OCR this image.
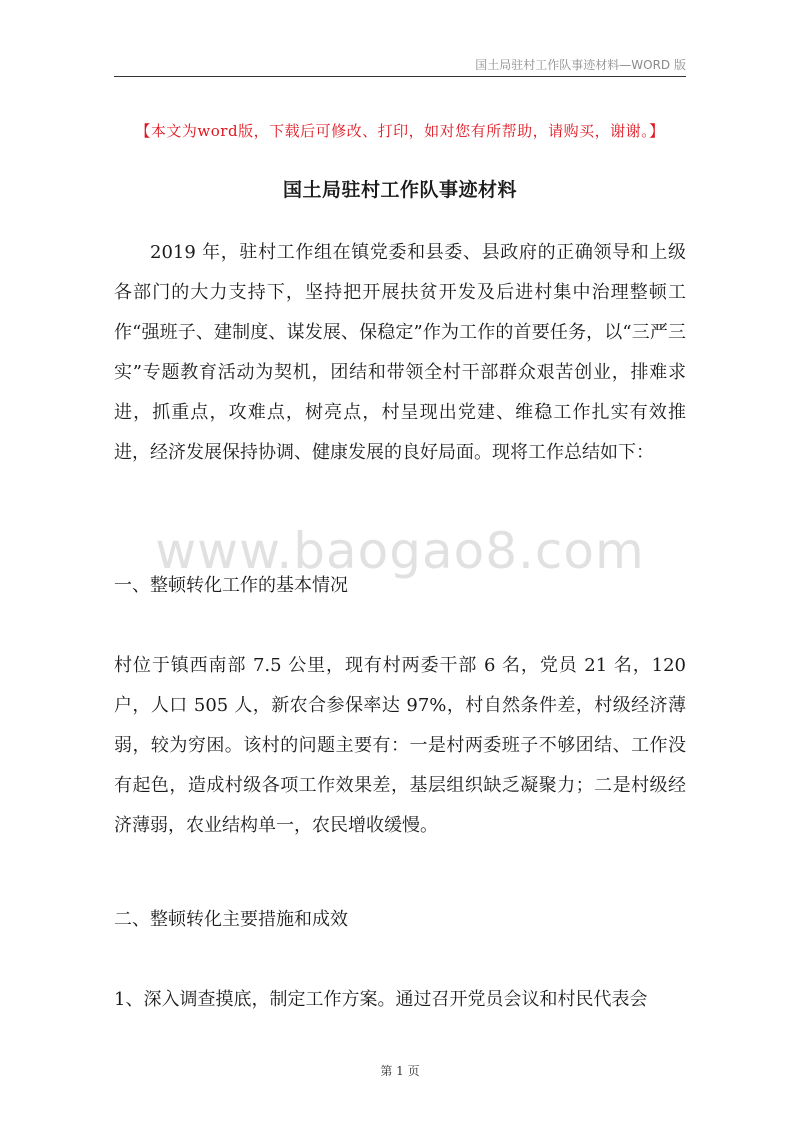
国土局驻村工作队事迹材料—WORD 版
【本文为word版，下载后可修改、打印，如对您有所帮助，请购买，谢谢。】
国土局驻村工作队事迹材料

2019 年，驻村工作组在镇党委和县委、县政府的正确领导和上级各部门的大力支持下，坚持把开展扶贫开发及后进村集中治理整顿工作“强班子、建制度、谋发展、保稳定”作为工作的首要任务，以“三严三实”专题教育活动为契机，团结和带领全村干部群众艰苦创业，排难求进，抓重点，攻难点，树亮点，村呈现出党建、维稳工作扎实有效推进，经济发展保持协调、健康发展的良好局面。现将工作总结如下：

www.baogao8.com

一、整顿转化工作的基本情况

村位于镇西南部 7.5 公里，现有村两委干部 6 名，党员 21 名，120 户，人口 505 人，新农合参保率达 97%，村自然条件差，村级经济薄弱，较为穷困。该村的问题主要有：一是村两委班子不够团结、工作没有起色，造成村级各项工作效果差，基层组织缺乏凝聚力；二是村级经济薄弱，农业结构单一，农民增收缓慢。

二、整顿转化主要措施和成效

1、深入调查摸底，制定工作方案。通过召开党员会议和村民代表会

第 1 页
